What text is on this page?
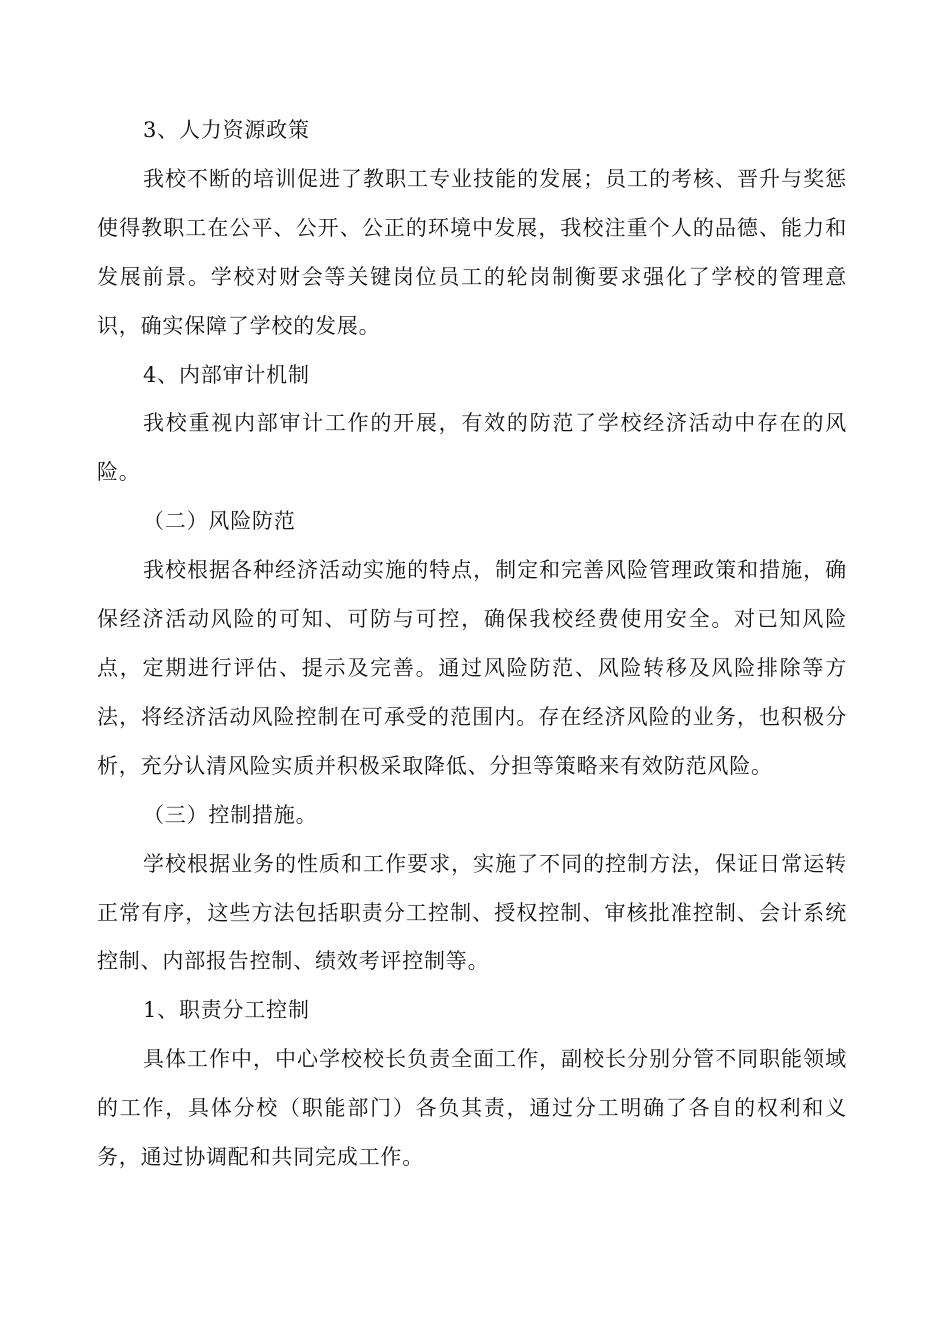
3、人力资源政策

我校不断的培训促进了教职工专业技能的发展；员工的考核、晋升与奖惩使得教职工在公平、公开、公正的环境中发展，我校注重个人的品德、能力和发展前景。学校对财会等关键岗位员工的轮岗制衡要求强化了学校的管理意识，确实保障了学校的发展。

4、内部审计机制

我校重视内部审计工作的开展，有效的防范了学校经济活动中存在的风险。

（二）风险防范

我校根据各种经济活动实施的特点，制定和完善风险管理政策和措施，确保经济活动风险的可知、可防与可控，确保我校经费使用安全。对已知风险点，定期进行评估、提示及完善。通过风险防范、风险转移及风险排除等方法，将经济活动风险控制在可承受的范围内。存在经济风险的业务，也积极分析，充分认清风险实质并积极采取降低、分担等策略来有效防范风险。

（三）控制措施。

学校根据业务的性质和工作要求，实施了不同的控制方法，保证日常运转正常有序，这些方法包括职责分工控制、授权控制、审核批准控制、会计系统控制、内部报告控制、绩效考评控制等。

1、职责分工控制

具体工作中，中心学校校长负责全面工作，副校长分别分管不同职能领域的工作，具体分校（职能部门）各负其责，通过分工明确了各自的权利和义务，通过协调配和共同完成工作。
